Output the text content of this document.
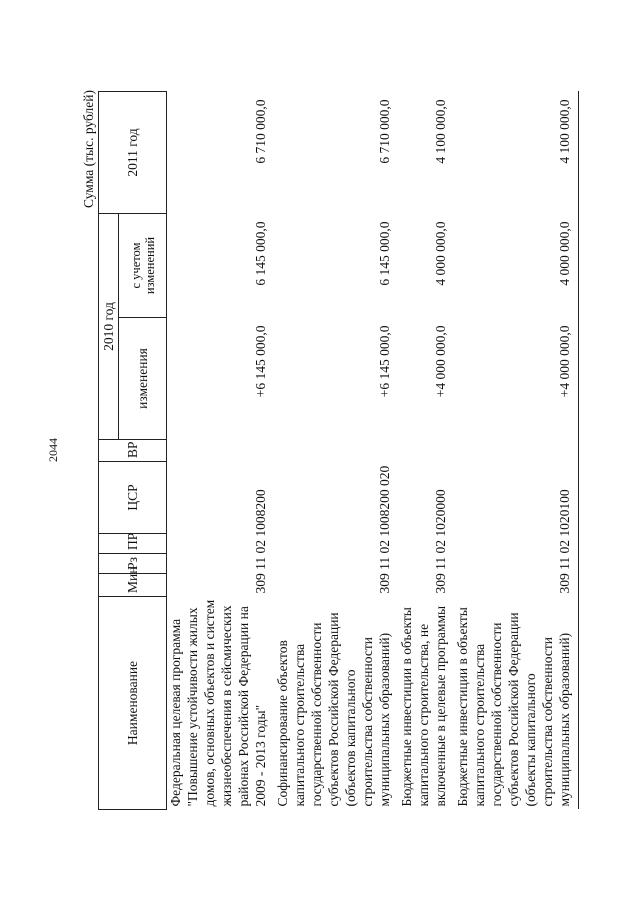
2044
Сумма (тыс. рублей)
Наименование	Мин	Рз	ПР	ЦСР	ВР	2010 год		2011 год
						изменения	с учетом изменений	
Федеральная целевая программа "Повышение устойчивости жилых домов, основных объектов и систем жизнеобеспечения в сейсмических районах Российской Федерации на 2009 - 2013 годы"	309 11 02 1008200					+6 145 000,0	6 145 000,0	6 710 000,0
Софинансирование объектов капитального строительства государственной собственности субъектов Российской Федерации (объектов капитального строительства собственности муниципальных образований)	309 11 02 1008200 020					+6 145 000,0	6 145 000,0	6 710 000,0
Бюджетные инвестиции в объекты капитального строительства, не включенные в целевые программы	309 11 02 1020000					+4 000 000,0	4 000 000,0	4 100 000,0
Бюджетные инвестиции в объекты капитального строительства государственной собственности субъектов Российской Федерации (объекты капитального строительства собственности муниципальных образований)	309 11 02 1020100					+4 000 000,0	4 000 000,0	4 100 000,0
